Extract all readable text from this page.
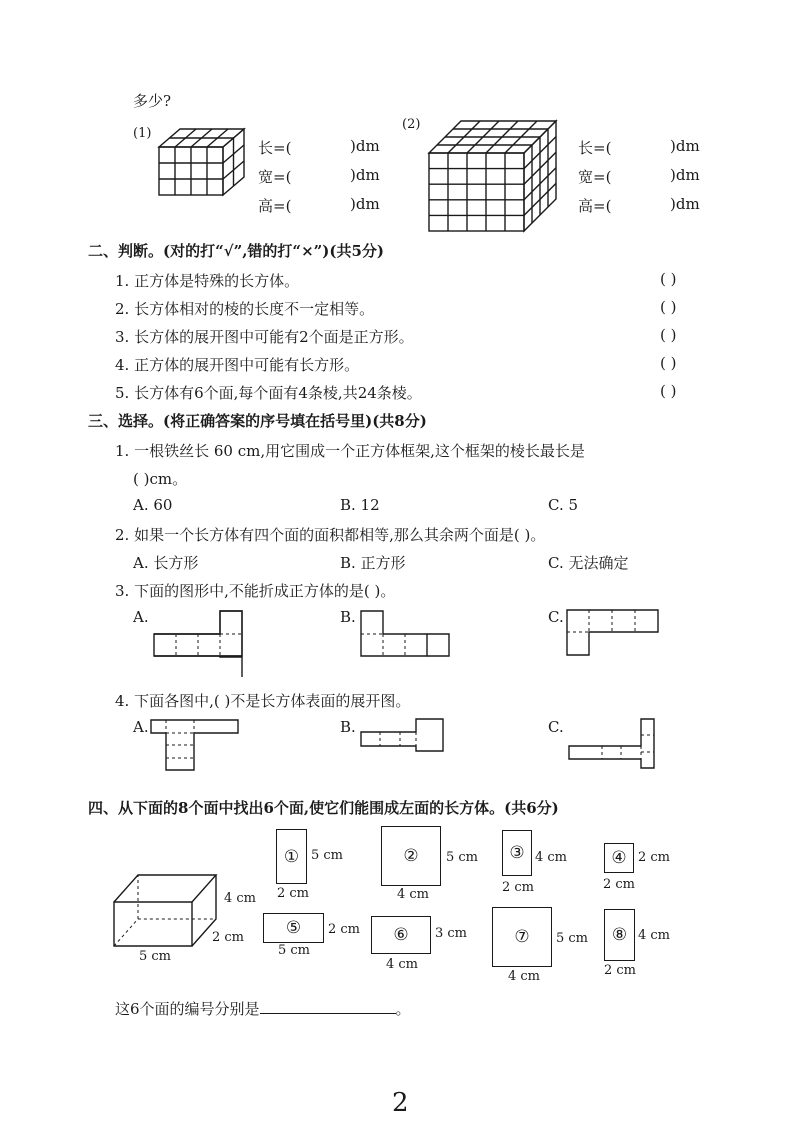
多少?
(1)
长=(	)dm
宽=(	)dm
高=(	)dm
(2)
长=(	)dm
宽=(	)dm
高=(	)dm
二、判断。(对的打“√”,错的打“×”)(共5分)
1. 正方体是特殊的长方体。	( )
2. 长方体相对的棱的长度不一定相等。	( )
3. 长方体的展开图中可能有2个面是正方形。	( )
4. 正方体的展开图中可能有长方形。	( )
5. 长方体有6个面,每个面有4条棱,共24条棱。	( )
三、选择。(将正确答案的序号填在括号里)(共8分)
1. 一根铁丝长 60 cm,用它围成一个正方体框架,这个框架的棱长最长是
( )cm。
A. 60	B. 12	C. 5
2. 如果一个长方体有四个面的面积都相等,那么其余两个面是( )。
A. 长方形	B. 正方形	C. 无法确定
3. 下面的图形中,不能折成正方体的是( )。
A.	B.	C.
4. 下面各图中,( )不是长方体表面的展开图。
A.	B.	C.
四、从下面的8个面中找出6个面,使它们能围成左面的长方体。(共6分)
4 cm
2 cm
5 cm
① 5 cm
2 cm
② 5 cm
4 cm
③ 4 cm
2 cm
④ 2 cm
2 cm
⑤ 2 cm
5 cm
⑥ 3 cm
4 cm
⑦ 5 cm
4 cm
⑧ 4 cm
2 cm
这6个面的编号分别是	。
2
